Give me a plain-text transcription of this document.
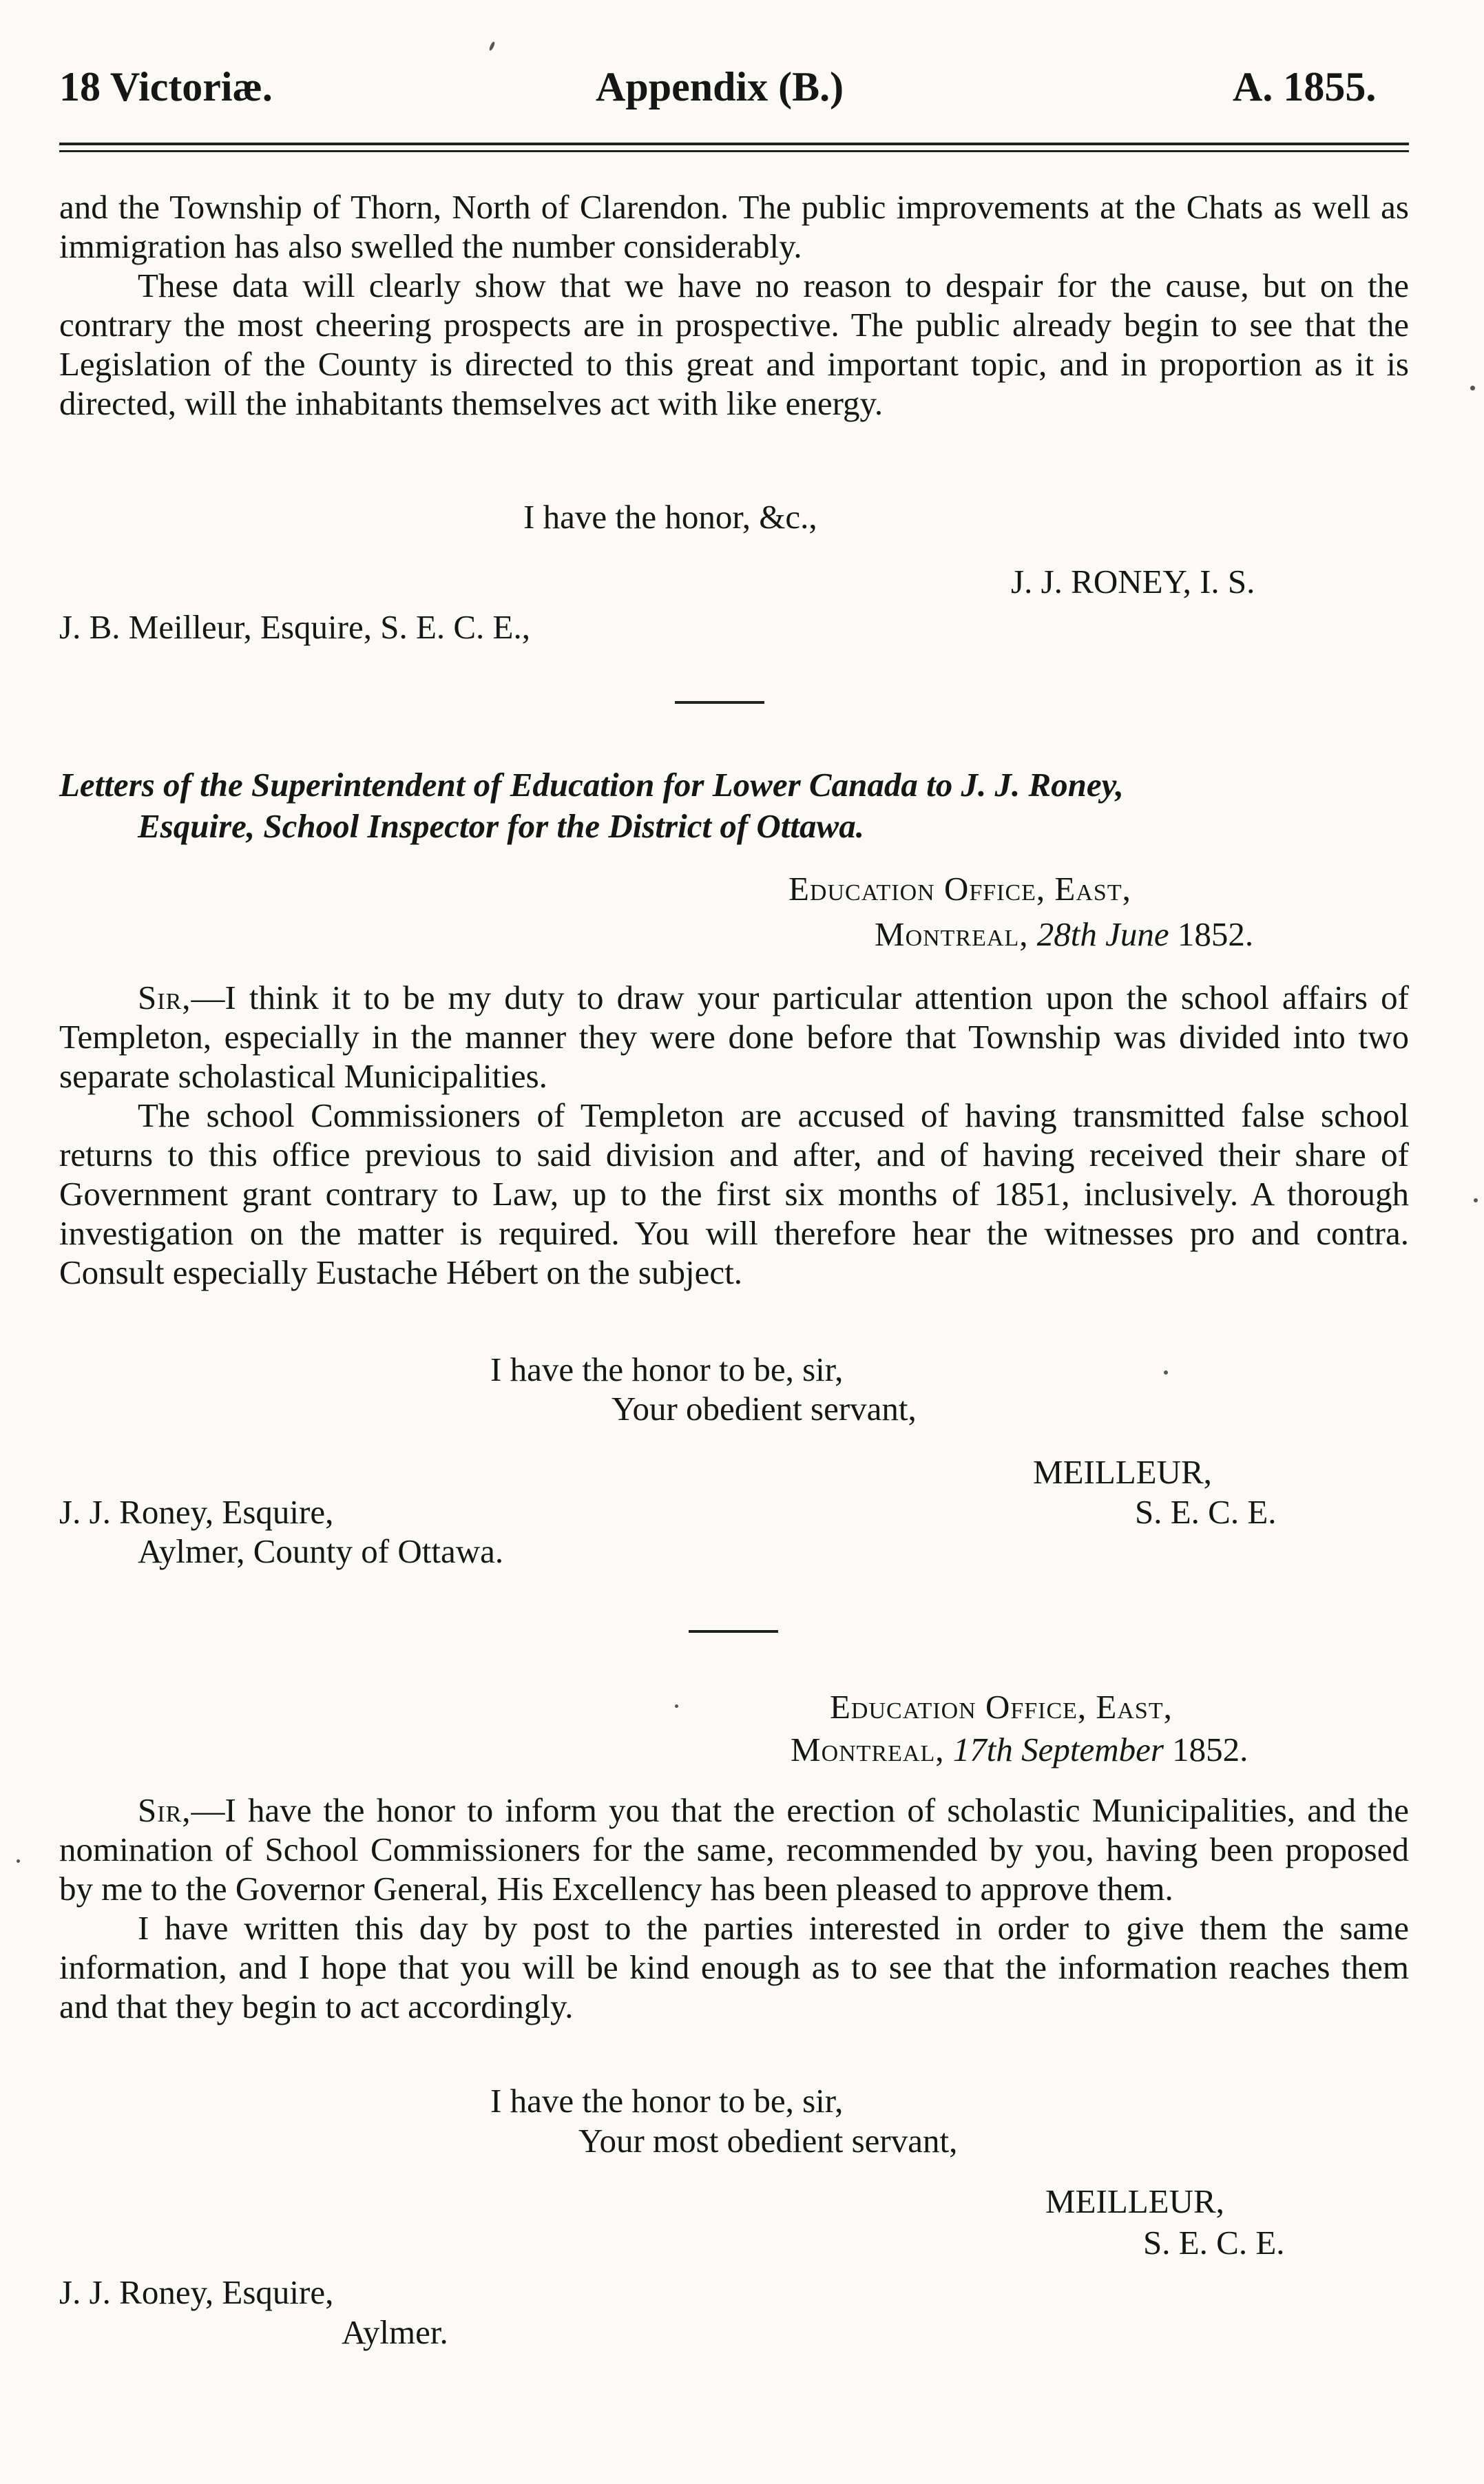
18 Victoriæ.	Appendix (B.)	A. 1855.

and the Township of Thorn, North of Clarendon. The public improvements at the Chats as well as immigration has also swelled the number considerably.

These data will clearly show that we have no reason to despair for the cause, but on the contrary the most cheering prospects are in prospective. The public already begin to see that the Legislation of the County is directed to this great and important topic, and in proportion as it is directed, will the inhabitants themselves act with like energy.

I have the honor, &c.,
J. J. RONEY, I. S.
J. B. Meilleur, Esquire, S. E. C. E.,
Letters of the Superintendent of Education for Lower Canada to J. J. Roney,
Esquire, School Inspector for the District of Ottawa.
Education Office, East,
Montreal, 28th June 1852.

Sir,—I think it to be my duty to draw your particular attention upon the school affairs of Templeton, especially in the manner they were done before that Township was divided into two separate scholastical Municipalities.

The school Commissioners of Templeton are accused of having transmitted false school returns to this office previous to said division and after, and of having received their share of Government grant contrary to Law, up to the first six months of 1851, inclusively. A thorough investigation on the matter is required. You will therefore hear the witnesses pro and contra. Consult especially Eustache Hébert on the subject.

I have the honor to be, sir,
Your obedient servant,
MEILLEUR,
S. E. C. E.
J. J. Roney, Esquire,
Aylmer, County of Ottawa.
Education Office, East,
Montreal, 17th September 1852.

Sir,—I have the honor to inform you that the erection of scholastic Municipalities, and the nomination of School Commissioners for the same, recommended by you, having been proposed by me to the Governor General, His Excellency has been pleased to approve them.

I have written this day by post to the parties interested in order to give them the same information, and I hope that you will be kind enough as to see that the information reaches them and that they begin to act accordingly.

I have the honor to be, sir,
Your most obedient servant,
MEILLEUR,
S. E. C. E.
J. J. Roney, Esquire,
Aylmer.
